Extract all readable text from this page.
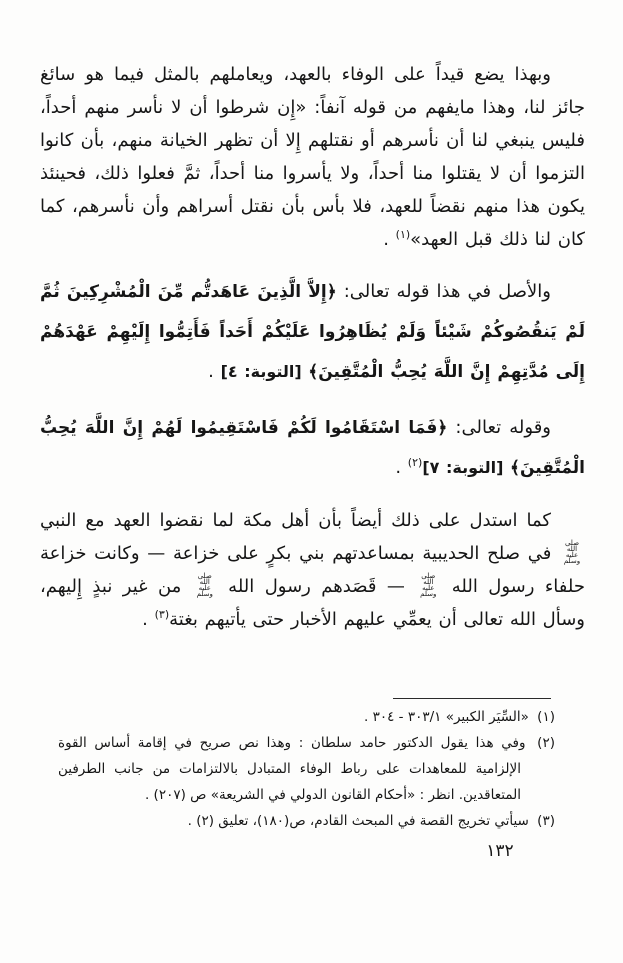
وبهذا يضع قيداً على الوفاء بالعهد، ويعاملهم بالمثل فيما هو سائغ جائز لنا، وهذا مايفهم من قوله آنفاً: «إِن شرطوا أن لا نأسر منهم أحداً، فليس ينبغي لنا أن نأسرهم أو نقتلهم إِلا أن تظهر الخيانة منهم، بأن كانوا التزموا أن لا يقتلوا منا أحداً، ولا يأسروا منا أحداً، ثمَّ فعلوا ذلك، فحينئذ يكون هذا منهم نقضاً للعهد، فلا بأس بأن نقتل أسراهم وأن نأسرهم، كما كان لنا ذلك قبل العهد»$^{(١)}$ .

والأصل في هذا قوله تعالى: ﴿إِلاَّ الَّذِينَ عَاهَدتُّم مِّنَ الْمُشْرِكِينَ ثُمَّ لَمْ يَنقُصُوكُمْ شَيْئاً وَلَمْ يُظَاهِرُوا عَلَيْكُمْ أَحَداً فَأَتِمُّوا إِلَيْهِمْ عَهْدَهُمْ إِلَى مُدَّتِهِمْ إِنَّ اللَّهَ يُحِبُّ الْمُتَّقِينَ﴾ [التوبة: ٤] .

وقوله تعالى: ﴿فَمَا اسْتَقَامُوا لَكُمْ فَاسْتَقِيمُوا لَهُمْ إِنَّ اللَّهَ يُحِبُّ الْمُتَّقِينَ﴾ [التوبة: ٧]$^{(٢)}$ .

كما استدل على ذلك أيضاً بأن أهل مكة لما نقضوا العهد مع النبي
صلى الله
عليه وسلم
في صلح الحديبية بمساعدتهم بني بكرٍ على خزاعة — وكانت خزاعة حلفاء رسول الله
صلى الله
عليه وسلم
— قَصَدهم رسول الله
صلى الله
عليه وسلم
من غير نبذٍ إِليهم، وسأل الله تعالى أن يعمِّي عليهم الأخبار حتى يأتيهم بغتة$^{(٣)}$ .

(١) «السِّيَر الكبير» ٣٠٣/١ - ٣٠٤ .

(٢) وفي هذا يقول الدكتور حامد سلطان : وهذا نص صريح في إقامة أساس القوة الإلزامية للمعاهدات على رباط الوفاء المتبادل بالالتزامات من جانب الطرفين المتعاقدين. انظر : «أحكام القانون الدولي في الشريعة» ص (٢٠٧) .

(٣) سيأتي تخريج القصة في المبحث القادم، ص(١٨٠)، تعليق (٢) .

١٣٢
